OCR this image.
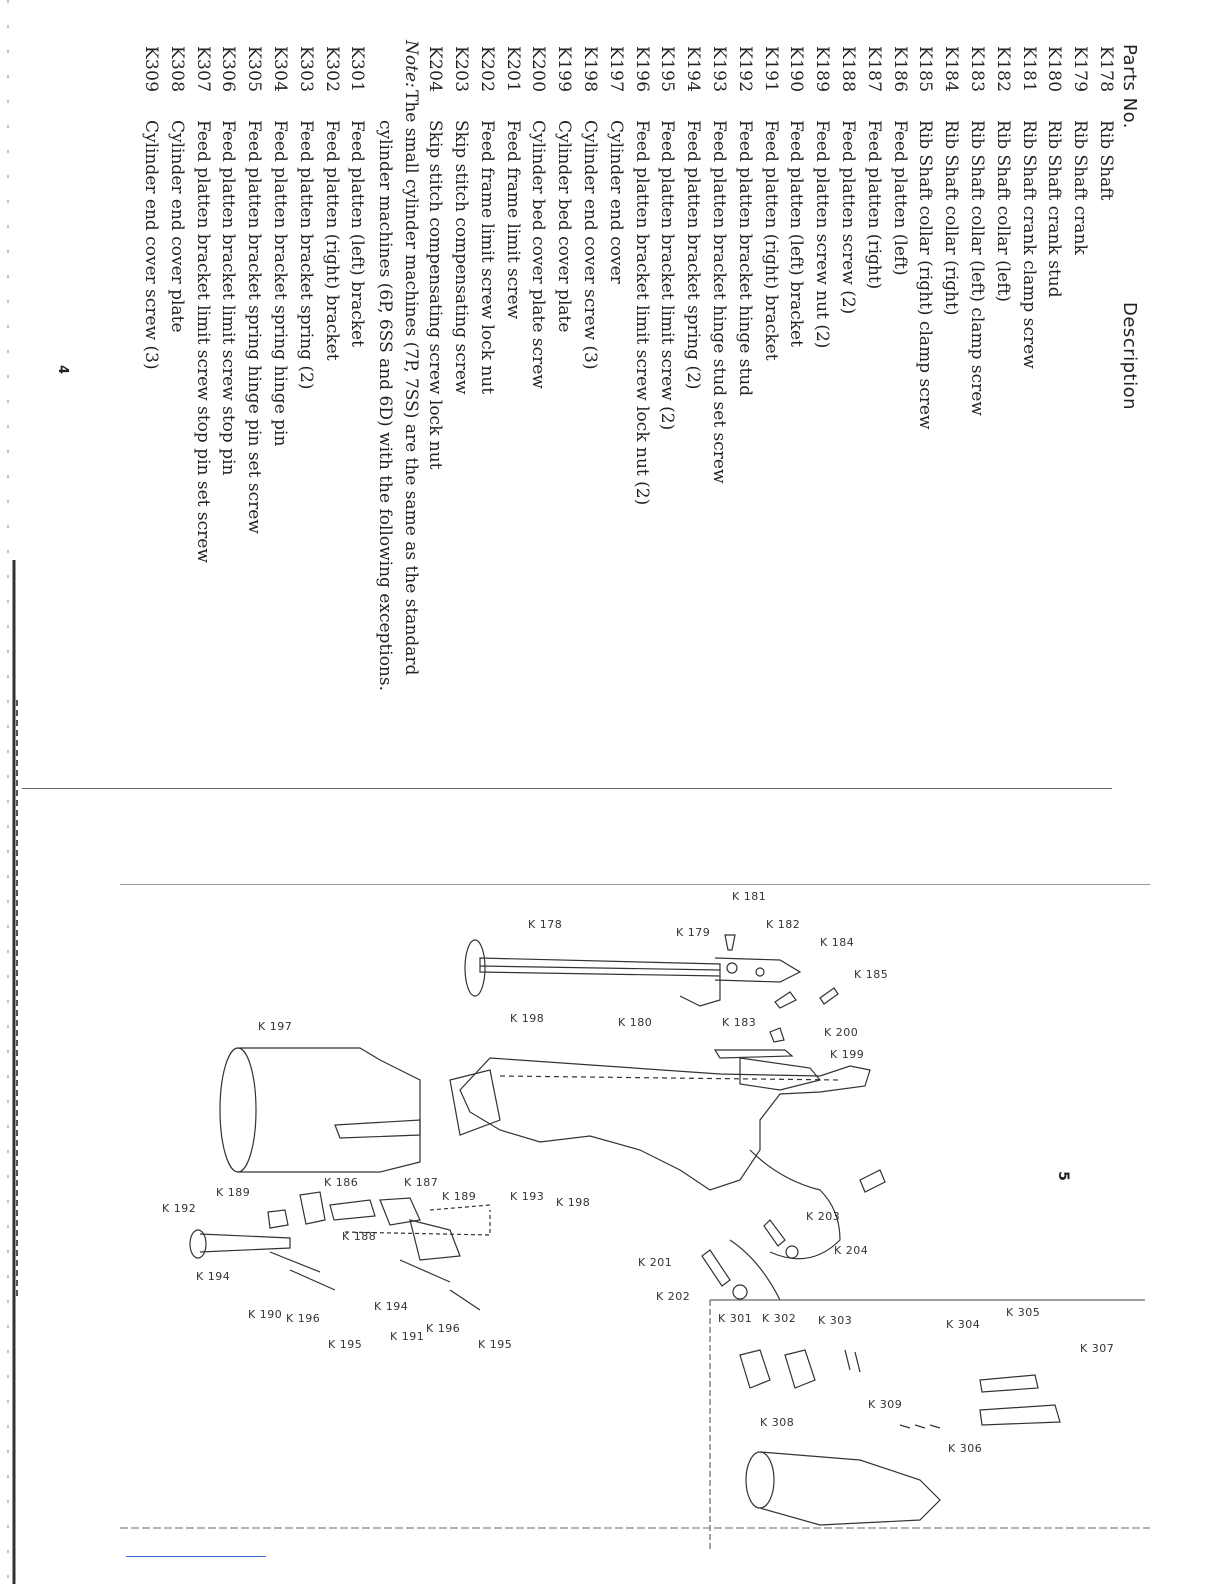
Parts No.
Description
K178
Rib Shaft
K179
Rib Shaft crank
K180
Rib Shaft crank stud
K181
Rib Shaft crank clamp screw
K182
Rib Shaft collar (left)
K183
Rib Shaft collar (left) clamp screw
K184
Rib Shaft collar (right)
K185
Rib Shaft collar (right) clamp screw
K186
Feed platten (left)
K187
Feed platten (right)
K188
Feed platten screw (2)
K189
Feed platten screw nut (2)
K190
Feed platten (left) bracket
K191
Feed platten (right) bracket
K192
Feed platten bracket hinge stud
K193
Feed platten bracket hinge stud set screw
K194
Feed platten bracket spring (2)
K195
Feed platten bracket limit screw (2)
K196
Feed platten bracket limit screw lock nut (2)
K197
Cylinder end cover
K198
Cylinder end cover screw (3)
K199
Cylinder bed cover plate
K200
Cylinder bed cover plate screw
K201
Feed frame limit screw
K202
Feed frame limit screw lock nut
K203
Skip stitch compensating screw
K204
Skip stitch compensating screw lock nut
Note:
The small cylinder machines (7P, 7SS) are the same as the standard
cylinder machines (6P, 6SS and 6D) with the following exceptions.
K301
Feed platten (left) bracket
K302
Feed platten (right) bracket
K303
Feed platten bracket spring (2)
K304
Feed platten bracket spring hinge pin
K305
Feed platten bracket spring hinge pin set screw
K306
Feed platten bracket limit screw stop pin
K307
Feed platten bracket limit screw stop pin set screw
K308
Cylinder end cover plate
K309
Cylinder end cover screw (3)
4
5
K 181
K 178
K 179
K 182
K 184
K 185
K 198	K 180	K 183
K 200
K 199
K 197
K 186	K 187
K 189	K 189	K 193 K 198
K 192
K 188
K 203
K 204
K 201
K 194
K 202
K 194
K 190 K 196
K 196
K 191
K 195	K 195
K 301 K 302 K 303	K 304
K 305
K 307
K 309
K 308
K 306
